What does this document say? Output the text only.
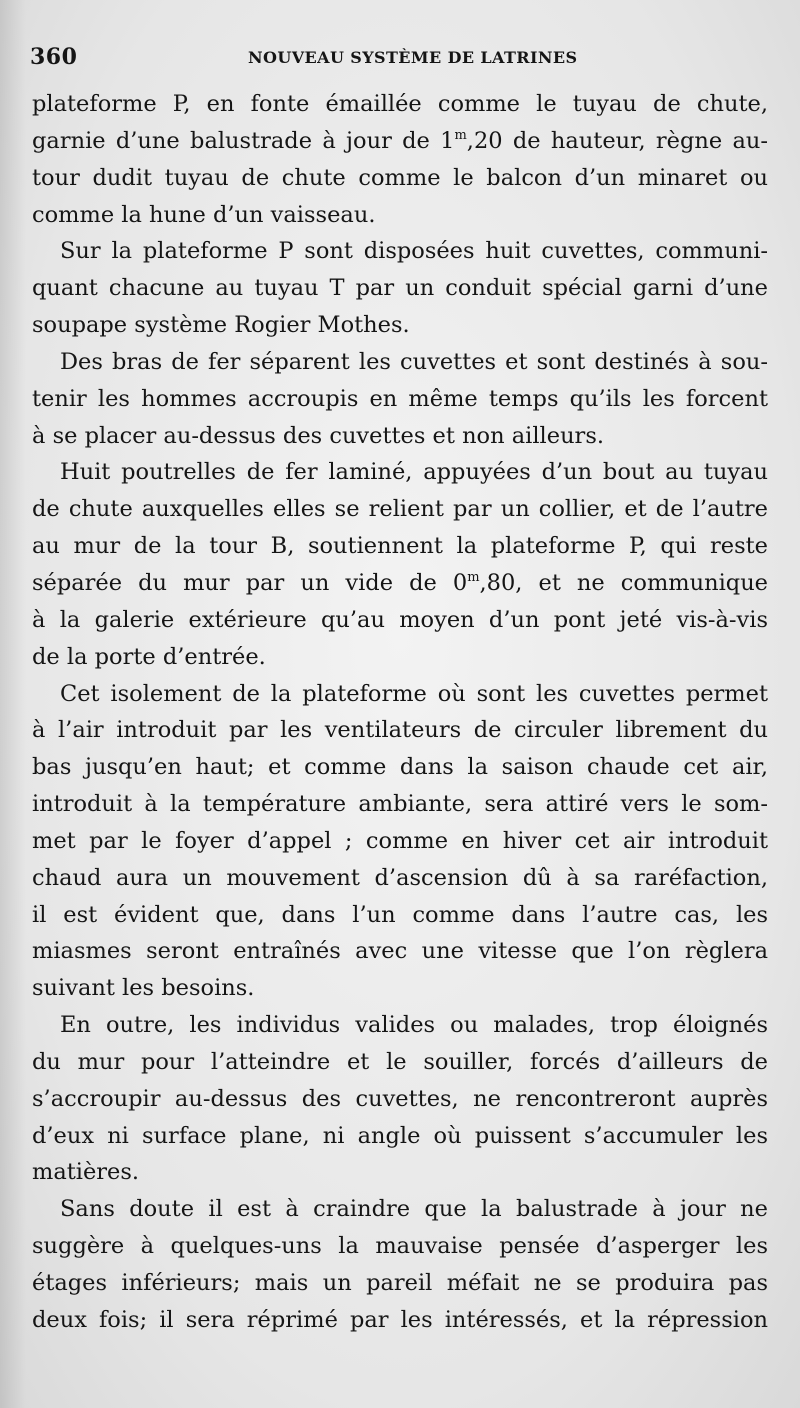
360	NOUVEAU SYSTÈME DE LATRINES
plateforme P, en fonte émaillée comme le tuyau de chute,
garnie d’une balustrade à jour de 1$^m$,20 de hauteur, règne au-
tour dudit tuyau de chute comme le balcon d’un minaret ou
comme la hune d’un vaisseau.
Sur la plateforme P sont disposées huit cuvettes, communi-
quant chacune au tuyau T par un conduit spécial garni d’une
soupape système Rogier Mothes.
Des bras de fer séparent les cuvettes et sont destinés à sou-
tenir les hommes accroupis en même temps qu’ils les forcent
à se placer au-dessus des cuvettes et non ailleurs.
Huit poutrelles de fer laminé, appuyées d’un bout au tuyau
de chute auxquelles elles se relient par un collier, et de l’autre
au mur de la tour B, soutiennent la plateforme P, qui reste
séparée du mur par un vide de 0$^m$,80, et ne communique
à la galerie extérieure qu’au moyen d’un pont jeté vis-à-vis
de la porte d’entrée.
Cet isolement de la plateforme où sont les cuvettes permet
à l’air introduit par les ventilateurs de circuler librement du
bas jusqu’en haut; et comme dans la saison chaude cet air,
introduit à la température ambiante, sera attiré vers le som-
met par le foyer d’appel ; comme en hiver cet air introduit
chaud aura un mouvement d’ascension dû à sa raréfaction,
il est évident que, dans l’un comme dans l’autre cas, les
miasmes seront entraînés avec une vitesse que l’on règlera
suivant les besoins.
En outre, les individus valides ou malades, trop éloignés
du mur pour l’atteindre et le souiller, forcés d’ailleurs de
s’accroupir au-dessus des cuvettes, ne rencontreront auprès
d’eux ni surface plane, ni angle où puissent s’accumuler les
matières.
Sans doute il est à craindre que la balustrade à jour ne
suggère à quelques-uns la mauvaise pensée d’asperger les
étages inférieurs; mais un pareil méfait ne se produira pas
deux fois; il sera réprimé par les intéressés, et la répression
